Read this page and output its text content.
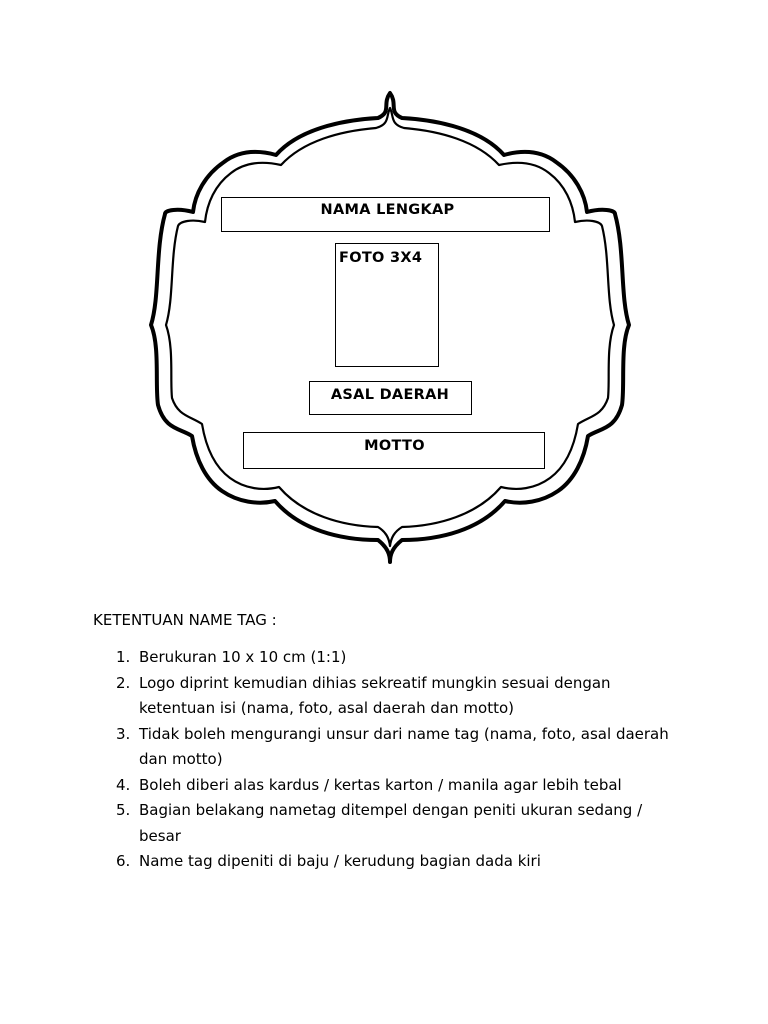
NAMA LENGKAP
FOTO 3X4
ASAL DAERAH
MOTTO
KETENTUAN NAME TAG :
1. Berukuran 10 x 10 cm (1:1)
2. Logo diprint kemudian dihias sekreatif mungkin sesuai dengan ketentuan isi (nama, foto, asal daerah dan motto)
3. Tidak boleh mengurangi unsur dari name tag (nama, foto, asal daerah dan motto)
4. Boleh diberi alas kardus / kertas karton / manila agar lebih tebal
5. Bagian belakang nametag ditempel dengan peniti ukuran sedang / besar
6. Name tag dipeniti di baju / kerudung bagian dada kiri
